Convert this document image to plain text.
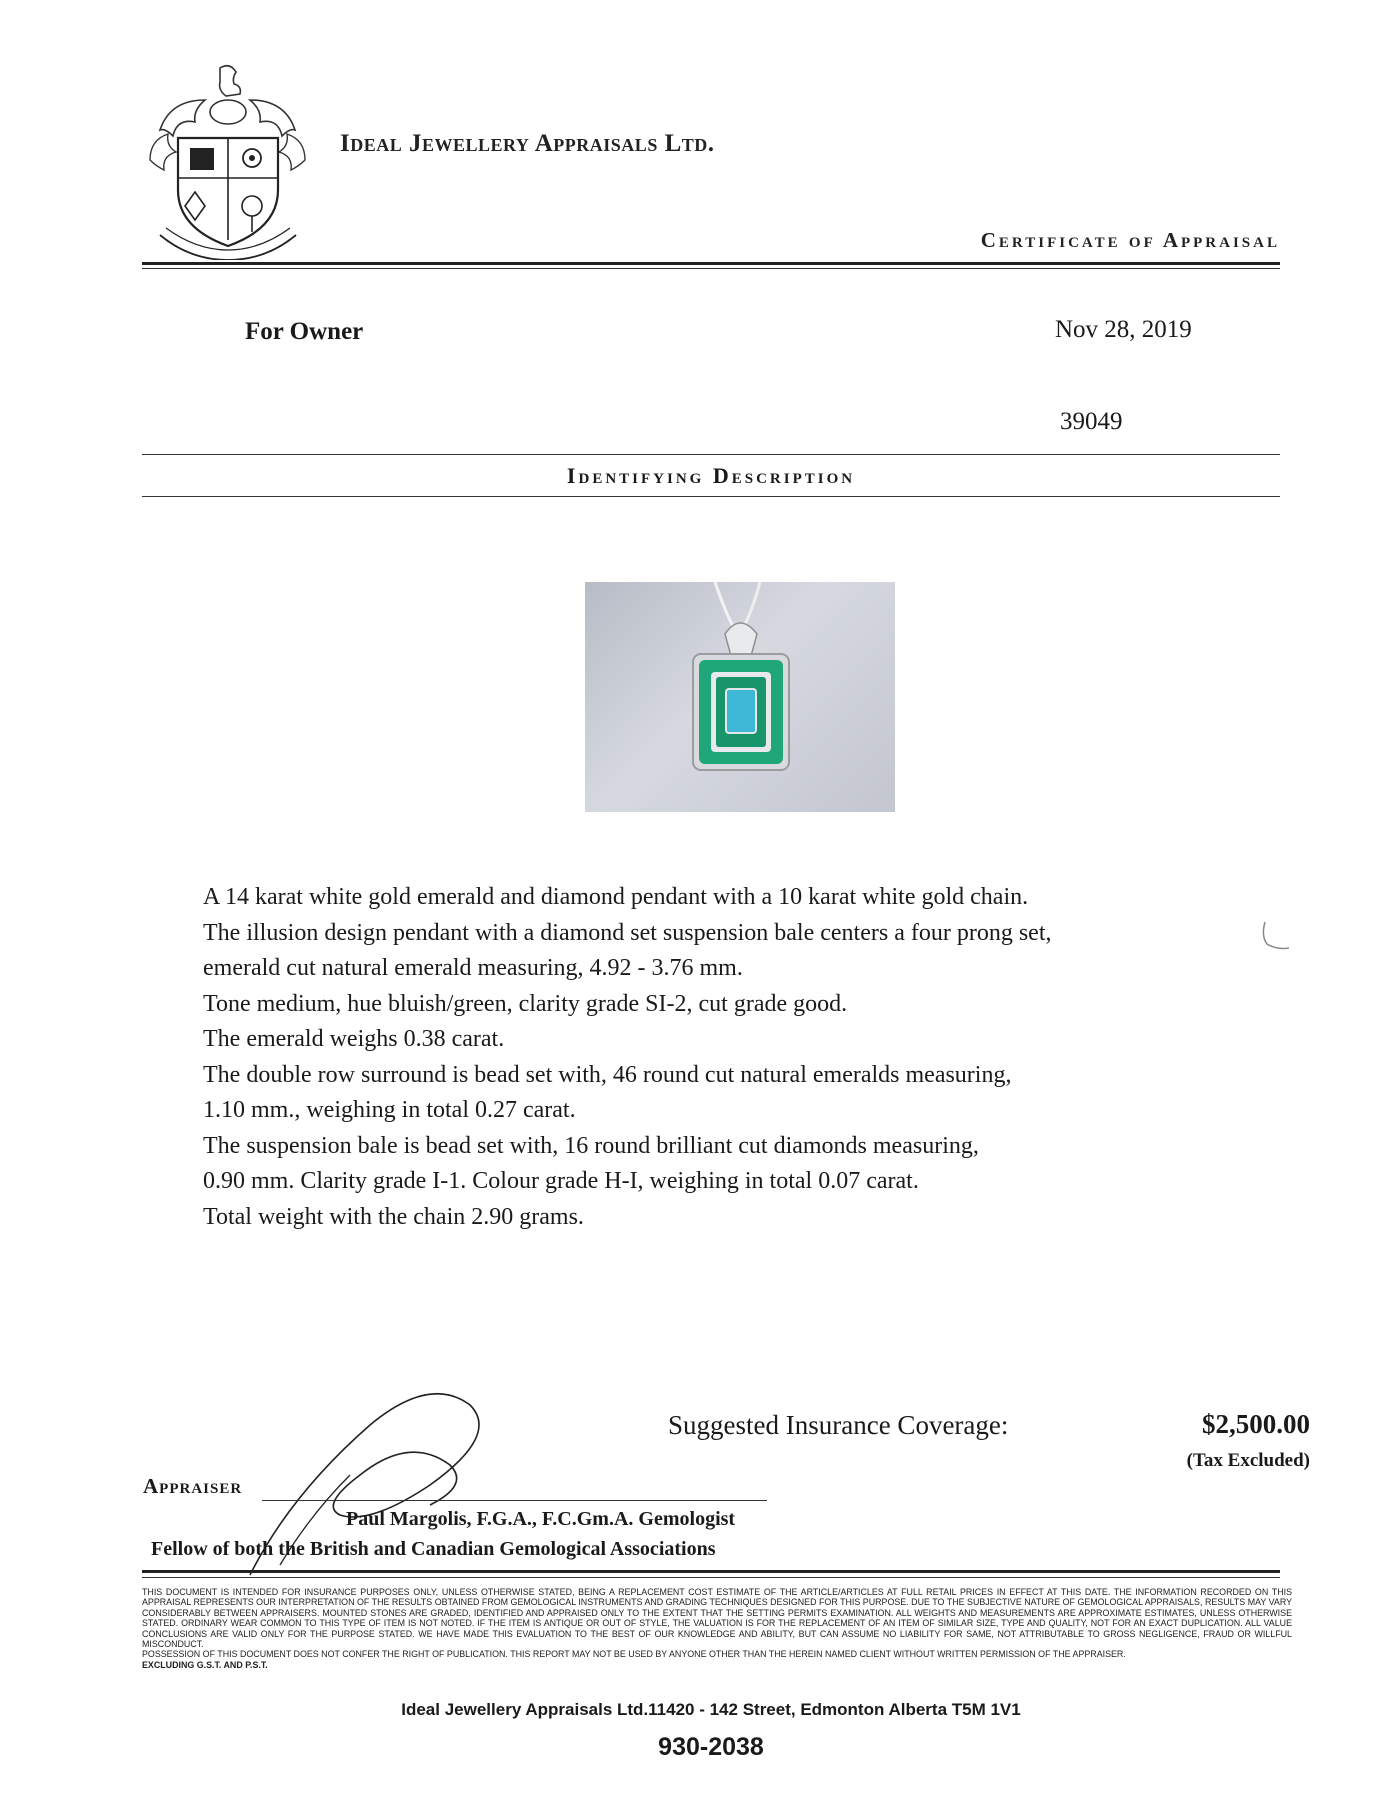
Ideal Jewellery Appraisals Ltd.
Certificate of Appraisal
For Owner	Nov 28, 2019
39049
Identifying Description
A 14 karat white gold emerald and diamond pendant with a 10 karat white gold chain.
The illusion design pendant with a diamond set suspension bale centers a four prong set,
emerald cut natural emerald measuring, 4.92 - 3.76 mm.
Tone medium, hue bluish/green, clarity grade SI-2, cut grade good.
The emerald weighs 0.38 carat.
The double row surround is bead set with, 46 round cut natural emeralds measuring,
1.10 mm., weighing in total 0.27 carat.
The suspension bale is bead set with, 16 round brilliant cut diamonds measuring,
0.90 mm. Clarity grade I-1. Colour grade H-I, weighing in total 0.07 carat.
Total weight with the chain 2.90 grams.
Suggested Insurance Coverage:	$2,500.00
(Tax Excluded)
Appraiser
Paul Margolis, F.G.A., F.C.Gm.A. Gemologist
Fellow of both the British and Canadian Gemological Associations
THIS DOCUMENT IS INTENDED FOR INSURANCE PURPOSES ONLY, UNLESS OTHERWISE STATED, BEING A REPLACEMENT COST ESTIMATE OF THE ARTICLE/ARTICLES AT FULL RETAIL PRICES IN EFFECT AT THIS DATE. THE INFORMATION RECORDED ON THIS APPRAISAL REPRESENTS OUR INTERPRETATION OF THE RESULTS OBTAINED FROM GEMOLOGICAL INSTRUMENTS AND GRADING TECHNIQUES DESIGNED FOR THIS PURPOSE. DUE TO THE SUBJECTIVE NATURE OF GEMOLOGICAL APPRAISALS, RESULTS MAY VARY CONSIDERABLY BETWEEN APPRAISERS. MOUNTED STONES ARE GRADED, IDENTIFIED AND APPRAISED ONLY TO THE EXTENT THAT THE SETTING PERMITS EXAMINATION. ALL WEIGHTS AND MEASUREMENTS ARE APPROXIMATE ESTIMATES, UNLESS OTHERWISE STATED. ORDINARY WEAR COMMON TO THIS TYPE OF ITEM IS NOT NOTED. IF THE ITEM IS ANTIQUE OR OUT OF STYLE, THE VALUATION IS FOR THE REPLACEMENT OF AN ITEM OF SIMILAR SIZE, TYPE AND QUALITY, NOT FOR AN EXACT DUPLICATION. ALL VALUE CONCLUSIONS ARE VALID ONLY FOR THE PURPOSE STATED. WE HAVE MADE THIS EVALUATION TO THE BEST OF OUR KNOWLEDGE AND ABILITY, BUT CAN ASSUME NO LIABILITY FOR SAME, NOT ATTRIBUTABLE TO GROSS NEGLIGENCE, FRAUD OR WILLFUL MISCONDUCT.
POSSESSION OF THIS DOCUMENT DOES NOT CONFER THE RIGHT OF PUBLICATION. THIS REPORT MAY NOT BE USED BY ANYONE OTHER THAN THE HEREIN NAMED CLIENT WITHOUT WRITTEN PERMISSION OF THE APPRAISER.
EXCLUDING G.S.T. AND P.S.T.
Ideal Jewellery Appraisals Ltd.11420 - 142 Street, Edmonton Alberta T5M 1V1
930-2038
